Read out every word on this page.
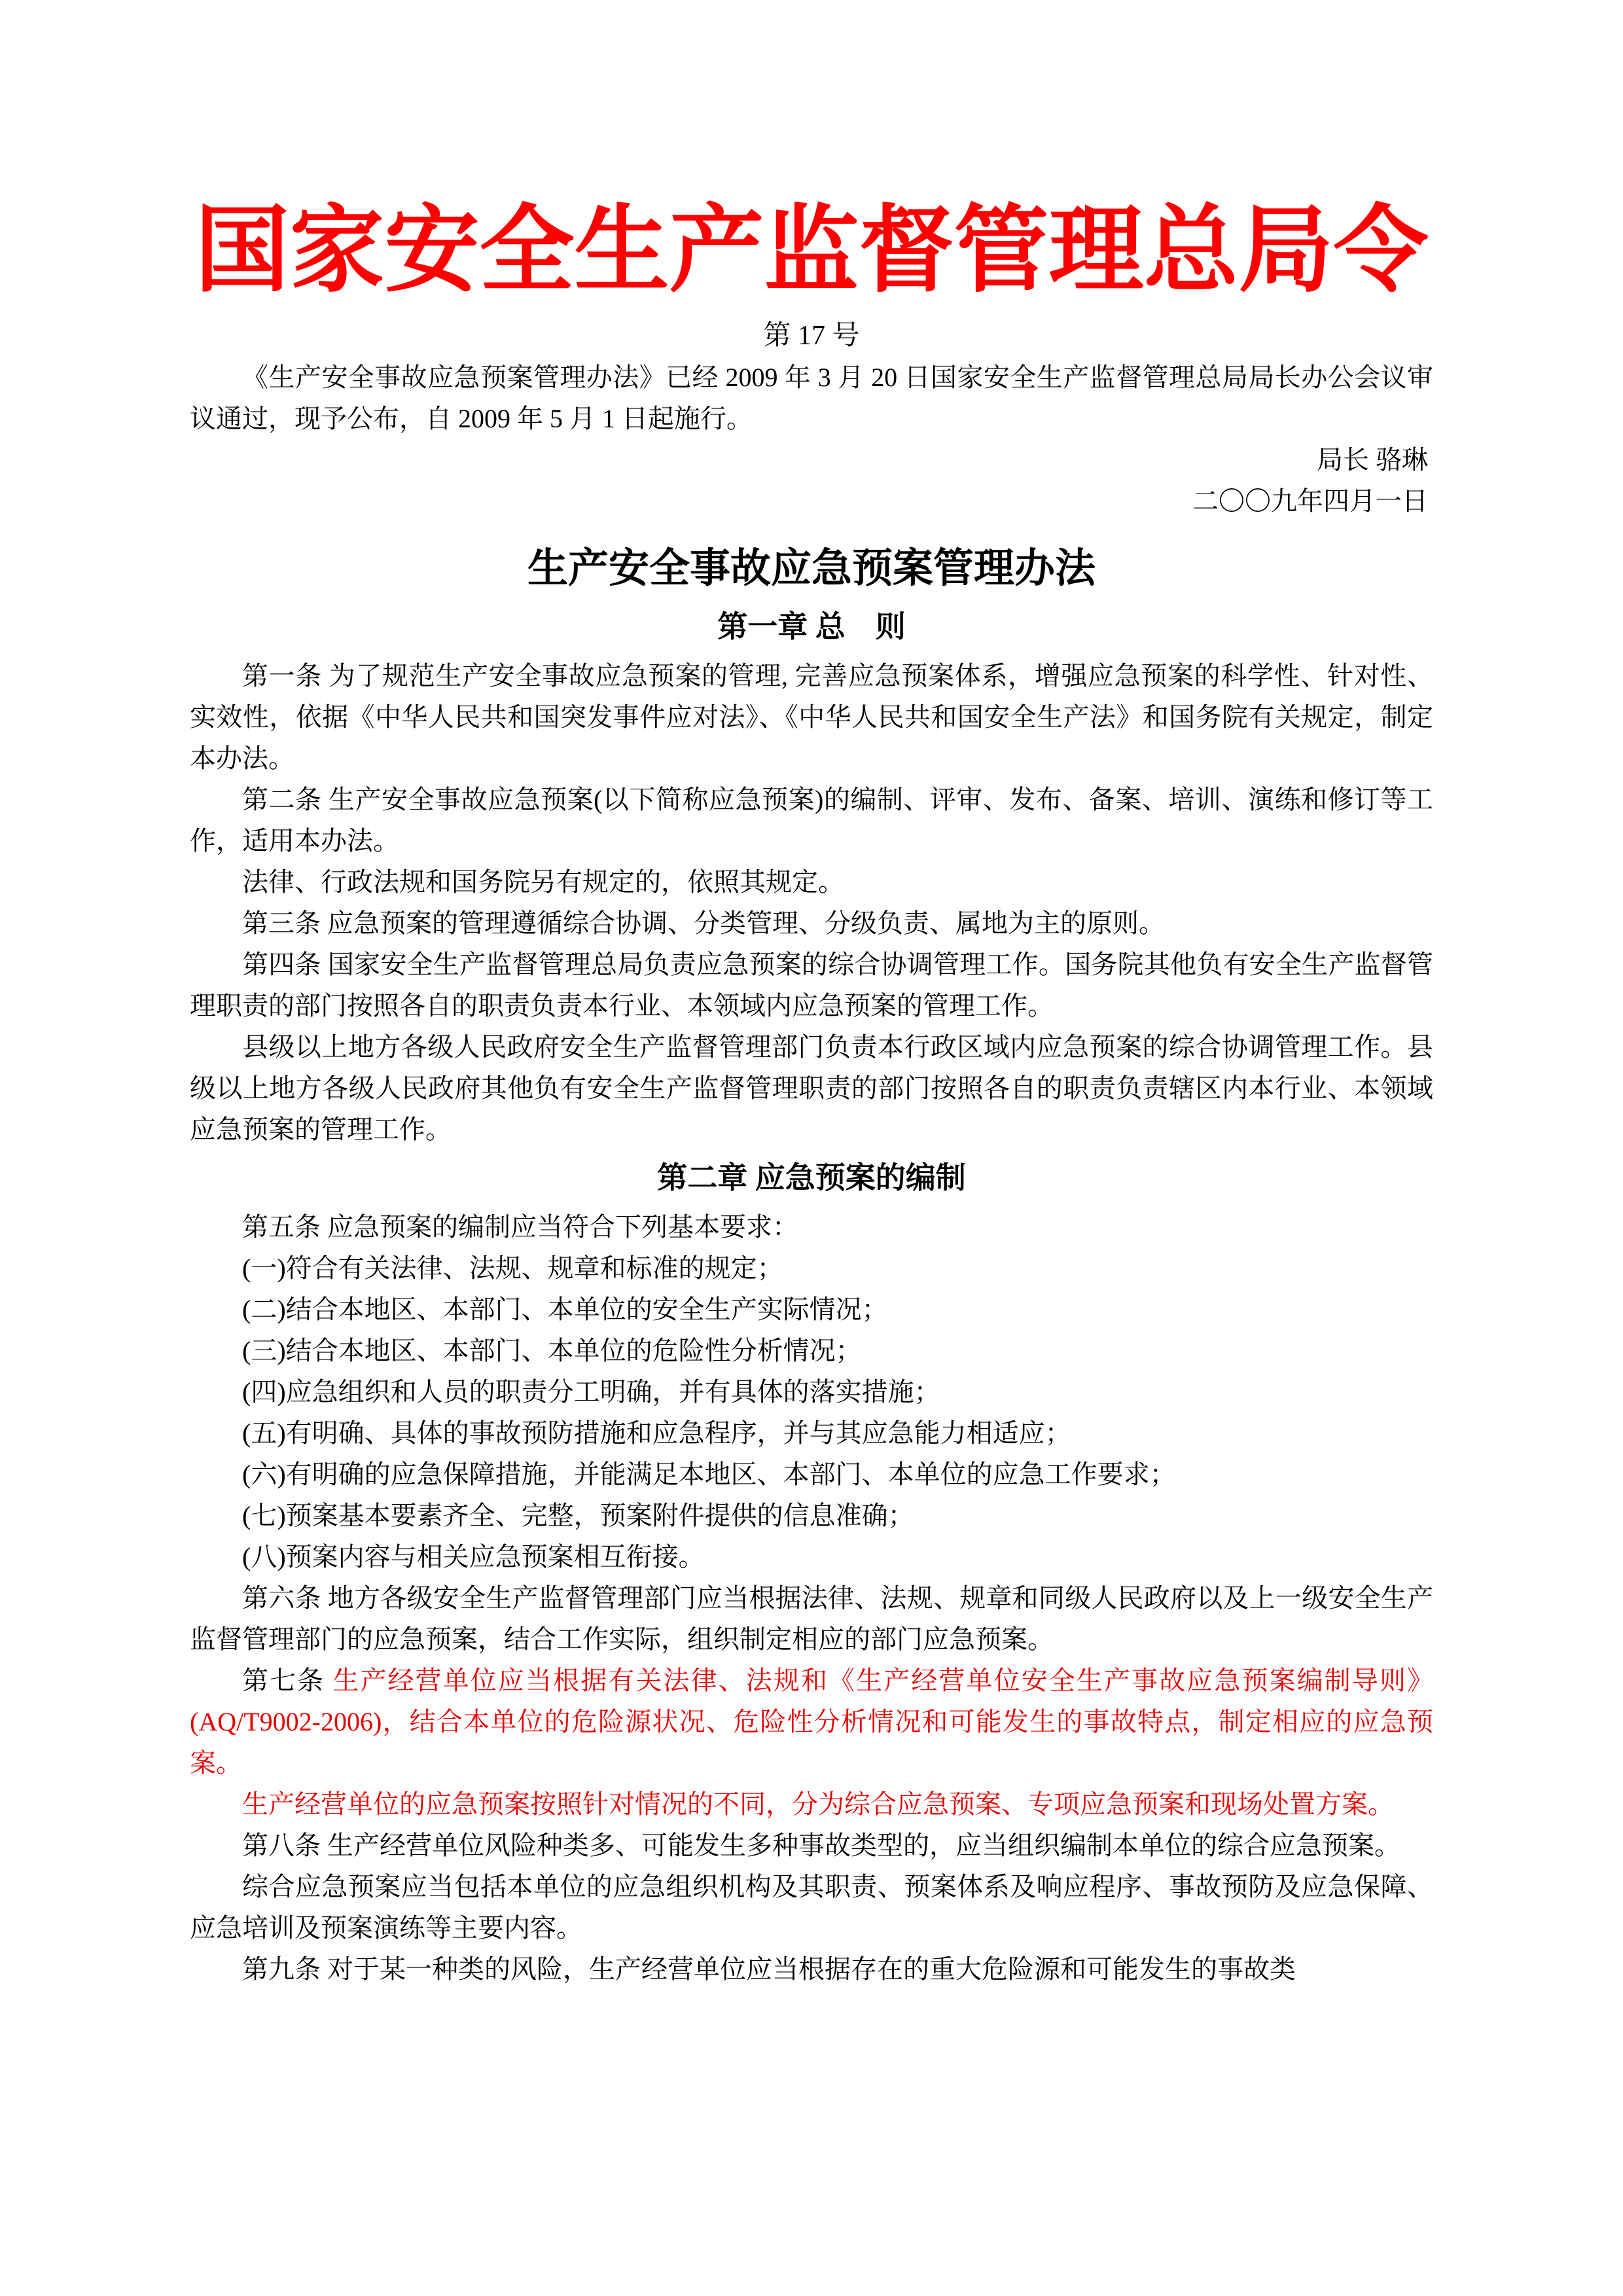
国家安全生产监督管理总局令
第 17 号

《生产安全事故应急预案管理办法》已经 2009 年 3 月 20 日国家安全生产监督管理总局局长办公会议审议通过，现予公布，自 2009 年 5 月 1 日起施行。

局长 骆琳

二〇〇九年四月一日

生产安全事故应急预案管理办法
第一章 总　则

第一条 为了规范生产安全事故应急预案的管理, 完善应急预案体系，增强应急预案的科学性、针对性、实效性，依据《中华人民共和国突发事件应对法》、《中华人民共和国安全生产法》和国务院有关规定，制定本办法。

第二条 生产安全事故应急预案(以下简称应急预案)的编制、评审、发布、备案、培训、演练和修订等工作，适用本办法。

法律、行政法规和国务院另有规定的，依照其规定。

第三条 应急预案的管理遵循综合协调、分类管理、分级负责、属地为主的原则。

第四条 国家安全生产监督管理总局负责应急预案的综合协调管理工作。国务院其他负有安全生产监督管理职责的部门按照各自的职责负责本行业、本领域内应急预案的管理工作。

县级以上地方各级人民政府安全生产监督管理部门负责本行政区域内应急预案的综合协调管理工作。县级以上地方各级人民政府其他负有安全生产监督管理职责的部门按照各自的职责负责辖区内本行业、本领域应急预案的管理工作。

第二章 应急预案的编制

第五条 应急预案的编制应当符合下列基本要求：

(一)符合有关法律、法规、规章和标准的规定；

(二)结合本地区、本部门、本单位的安全生产实际情况；

(三)结合本地区、本部门、本单位的危险性分析情况；

(四)应急组织和人员的职责分工明确，并有具体的落实措施；

(五)有明确、具体的事故预防措施和应急程序，并与其应急能力相适应；

(六)有明确的应急保障措施，并能满足本地区、本部门、本单位的应急工作要求；

(七)预案基本要素齐全、完整，预案附件提供的信息准确；

(八)预案内容与相关应急预案相互衔接。

第六条 地方各级安全生产监督管理部门应当根据法律、法规、规章和同级人民政府以及上一级安全生产监督管理部门的应急预案，结合工作实际，组织制定相应的部门应急预案。

第七条 生产经营单位应当根据有关法律、法规和《生产经营单位安全生产事故应急预案编制导则》(AQ/T9002-2006)，结合本单位的危险源状况、危险性分析情况和可能发生的事故特点，制定相应的应急预案。

生产经营单位的应急预案按照针对情况的不同，分为综合应急预案、专项应急预案和现场处置方案。

第八条 生产经营单位风险种类多、可能发生多种事故类型的，应当组织编制本单位的综合应急预案。

综合应急预案应当包括本单位的应急组织机构及其职责、预案体系及响应程序、事故预防及应急保障、应急培训及预案演练等主要内容。

第九条 对于某一种类的风险，生产经营单位应当根据存在的重大危险源和可能发生的事故类
